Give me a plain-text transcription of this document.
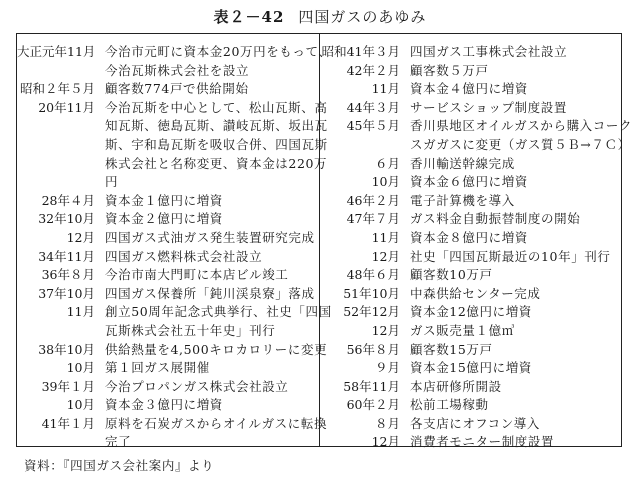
表２－42 四国ガスのあゆみ
大正元年11月 今治市元町に資本金20万円をもって、
今治瓦斯株式会社を設立
昭和２年５月 顧客数774戸で供給開始
20年11月 今治瓦斯を中心として、松山瓦斯、高
知瓦斯、徳島瓦斯、讃岐瓦斯、坂出瓦
斯、宇和島瓦斯を吸収合併、四国瓦斯
株式会社と名称変更、資本金は220万
円
28年４月 資本金１億円に増資
32年10月 資本金２億円に増資
12月 四国ガス式油ガス発生装置研究完成
34年11月 四国ガス燃料株式会社設立
36年８月 今治市南大門町に本店ビル竣工
37年10月 四国ガス保養所「鈍川渓泉寮」落成
11月 創立50周年記念式典挙行、社史「四国
瓦斯株式会社五十年史」刊行
38年10月 供給熱量を4,500キロカロリーに変更
10月 第１回ガス展開催
39年１月 今治プロパンガス株式会社設立
10月 資本金３億円に増資
41年１月 原料を石炭ガスからオイルガスに転換
完了
昭和41年３月 四国ガス工事株式会社設立
42年２月 顧客数５万戸
11月 資本金４億円に増資
44年３月 サービスショップ制度設置
45年５月 香川県地区オイルガスから購入コーク
スガガスに変更（ガス質５Ｂ→７Ｃ）
６月 香川輸送幹線完成
10月 資本金６億円に増資
46年２月 電子計算機を導入
47年７月 ガス料金自動振替制度の開始
11月 資本金８億円に増資
12月 社史「四国瓦斯最近の10年」刊行
48年６月 顧客数10万戸
51年10月 中森供給センター完成
52年12月 資本金12億円に増資
12月 ガス販売量１億㎥
56年８月 顧客数15万戸
９月 資本金15億円に増資
58年11月 本店研修所開設
60年２月 松前工場稼動
８月 各支店にオフコン導入
12月 消費者モニター制度設置
資料：『四国ガス会社案内』より
